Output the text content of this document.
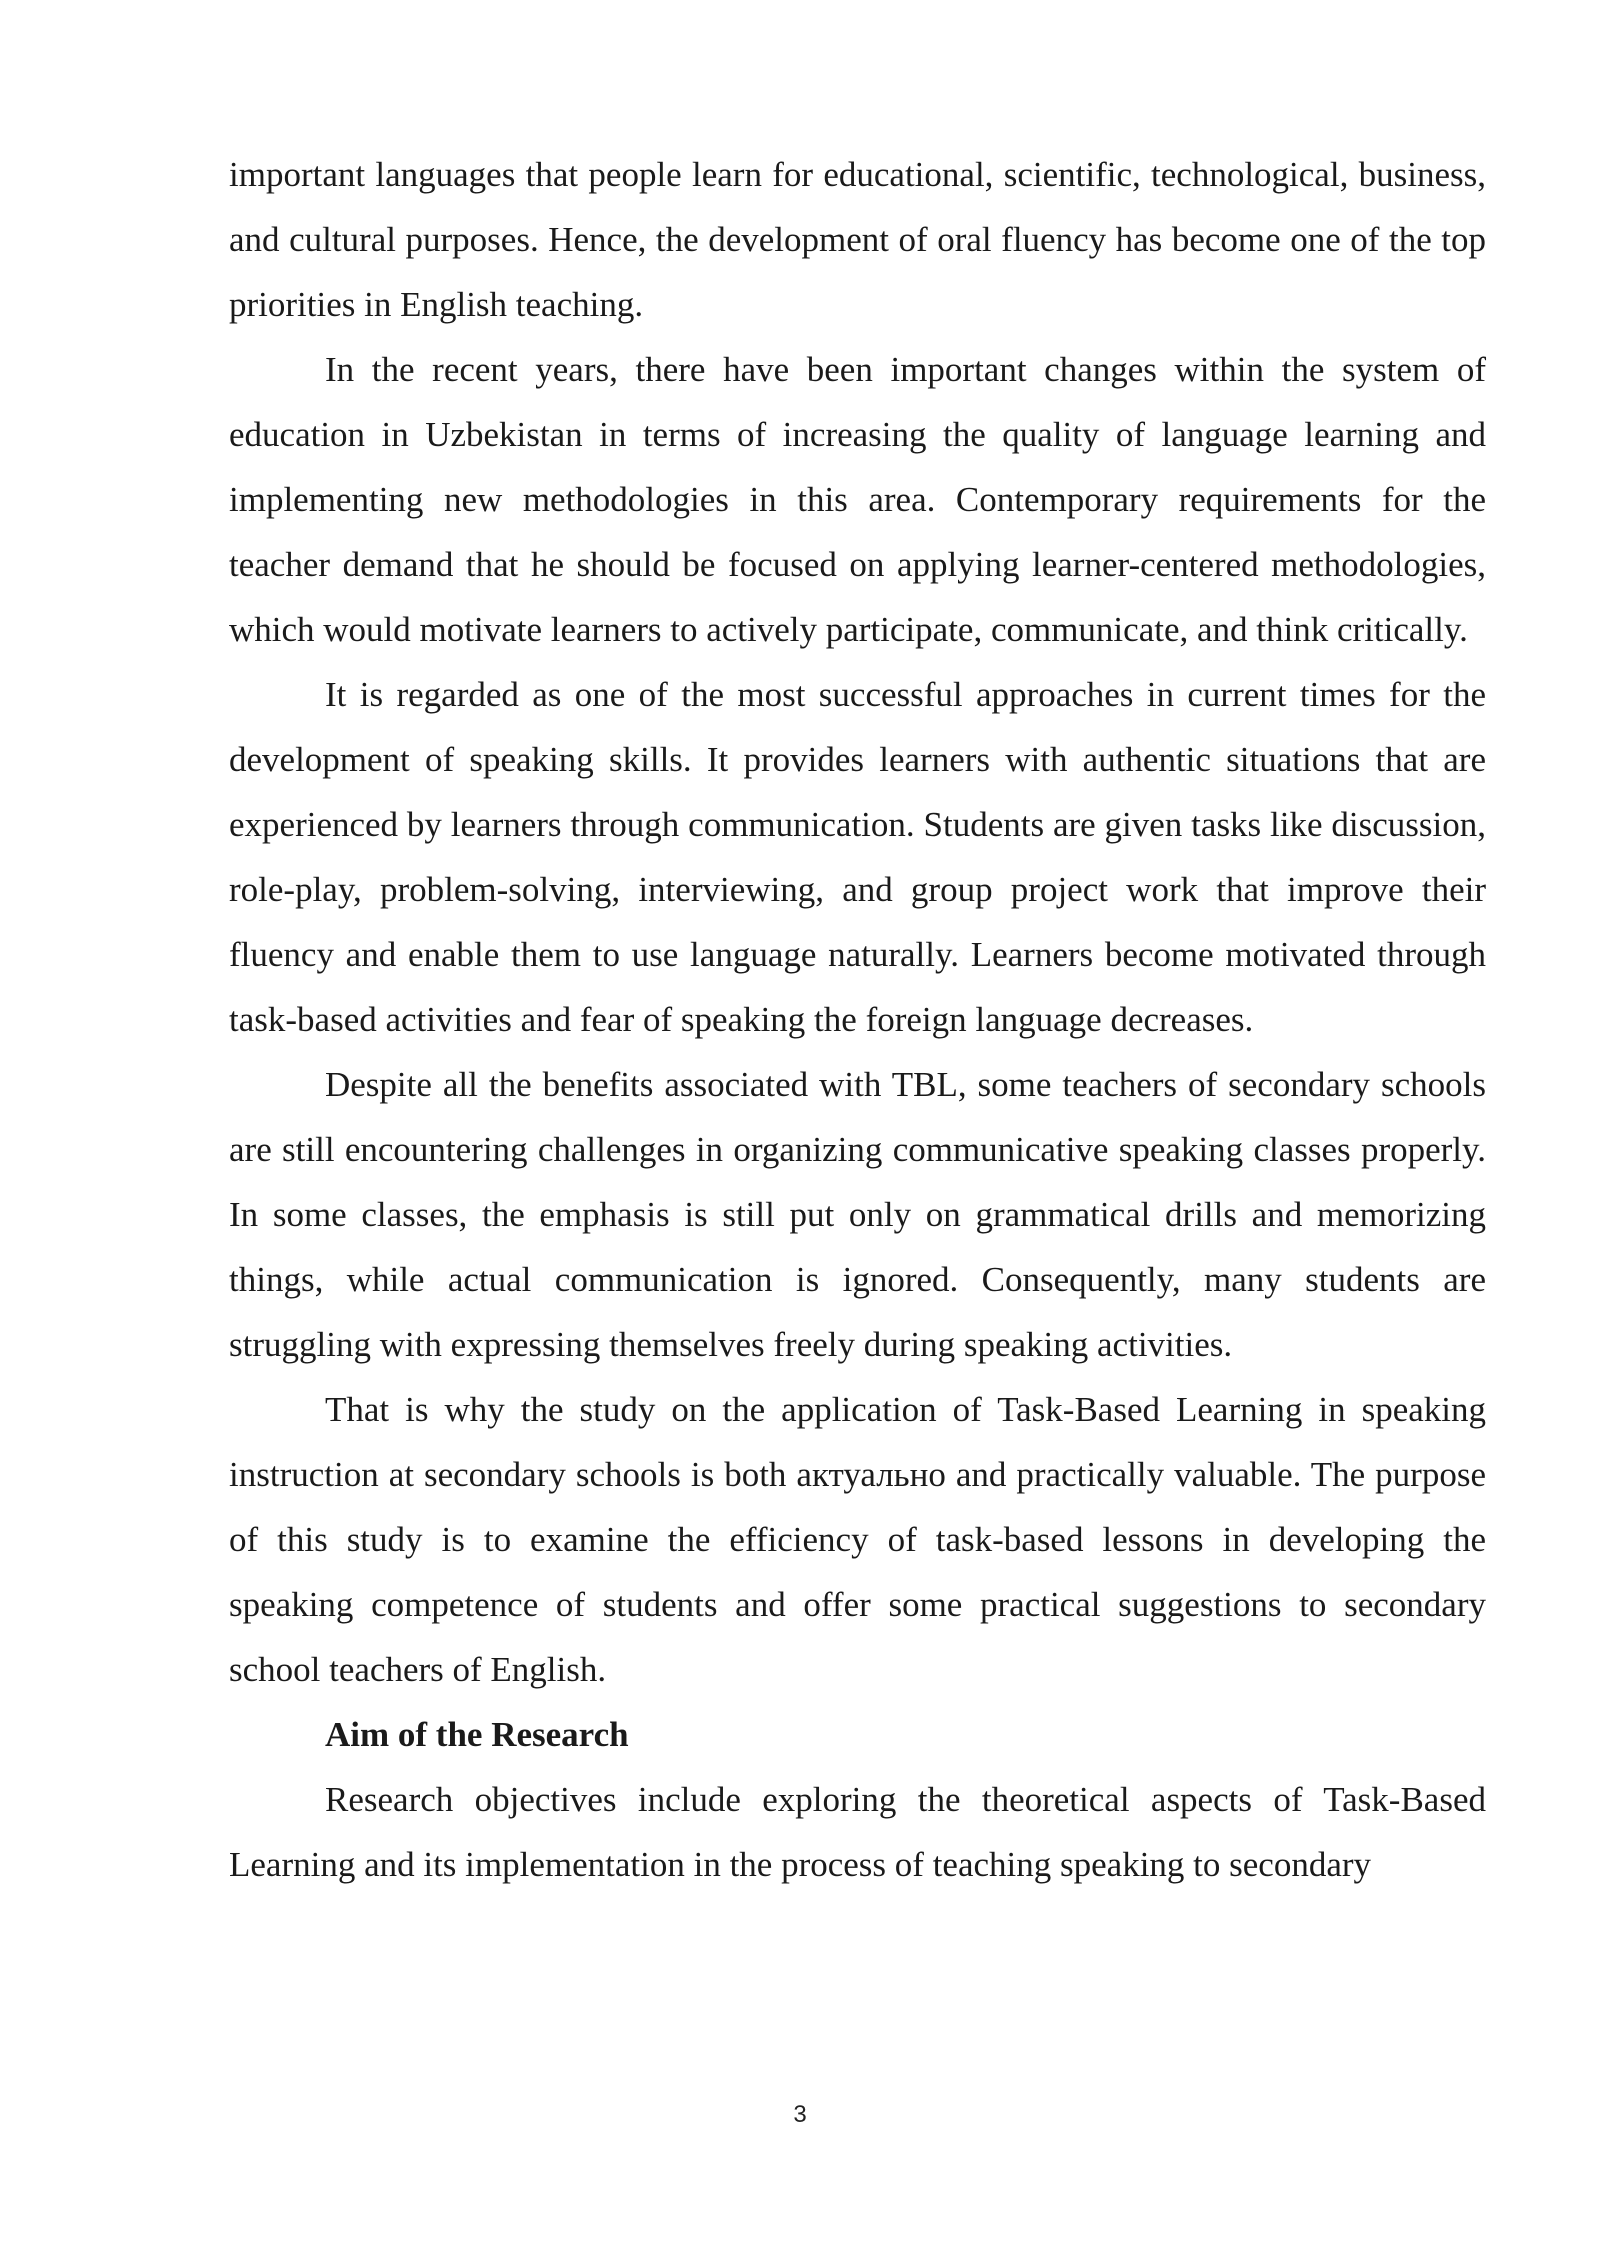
important languages that people learn for educational, scientific, technological, business, and cultural purposes. Hence, the development of oral fluency has become one of the top priorities in English teaching.

In the recent years, there have been important changes within the system of education in Uzbekistan in terms of increasing the quality of language learning and implementing new methodologies in this area. Contemporary requirements for the teacher demand that he should be focused on applying learner-centered methodologies, which would motivate learners to actively participate, communicate, and think critically.

It is regarded as one of the most successful approaches in current times for the development of speaking skills. It provides learners with authentic situations that are experienced by learners through communication. Students are given tasks like discussion, role-play, problem-solving, interviewing, and group project work that improve their fluency and enable them to use language naturally. Learners become motivated through task-based activities and fear of speaking the foreign language decreases.

Despite all the benefits associated with TBL, some teachers of secondary schools are still encountering challenges in organizing communicative speaking classes properly. In some classes, the emphasis is still put only on grammatical drills and memorizing things, while actual communication is ignored. Consequently, many students are struggling with expressing themselves freely during speaking activities.

That is why the study on the application of Task-Based Learning in speaking instruction at secondary schools is both актуально and practically valuable. The purpose of this study is to examine the efficiency of task-based lessons in developing the speaking competence of students and offer some practical suggestions to secondary school teachers of English.

Aim of the Research

Research objectives include exploring the theoretical aspects of Task-Based Learning and its implementation in the process of teaching speaking to secondary

3
